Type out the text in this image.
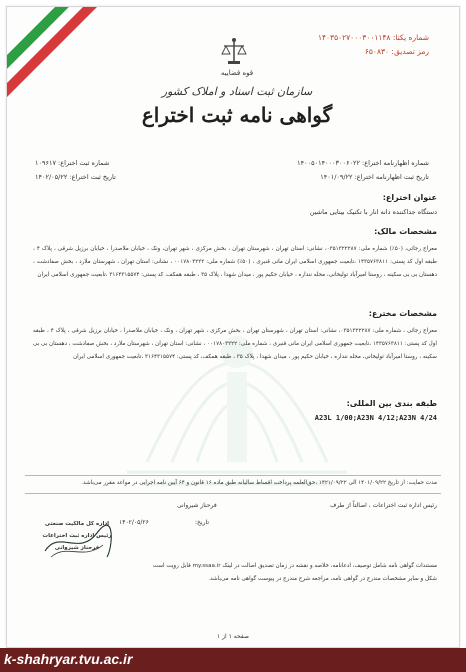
شماره یکتا: ۱۴۰۳۵۰۲۷۰۰۰۳۰۰۱۱۴۸
رمز تصدیق: ۶۵۰۸۳۰
قوه قضاییه
سازمان ثبت اسناد و املاک کشور
گواهی نامه ثبت اختراع
شماره اظهارنامه اختراع: ۱۴۰۰۵۰۱۴۰۰۰۳۰۰۶۰۲۲
شماره ثبت اختراع: ۱۰۹۶۱۷
تاریخ ثبت اظهارنامه اختراع: ۱۴۰۱/۰۹/۲۲
تاریخ ثبت اختراع: ۱۴۰۲/۰۵/۲۲
عنوان اختراع:
دستگاه جداکننده دانه انار با تکنیک بینایی ماشین
مشخصات مالک:
معراج رجائی، (۵۰٪) شماره ملی: ۰۳۵۱۳۲۲۲۸۷، نشانی: استان تهران ، شهرستان تهران ، بخش مرکزی ، شهر تهران، ونک ، خیابان ملاصدرا ، خیابان برزیل شرقی ، پلاک ۴ ، طبقه اول کد پستی: ۱۴۳۵۷۶۳۸۱۱ ،تابعیت جمهوری اسلامی ایران مانی قنبری ، (۵۰٪) شماره ملی: ۰۰۱۷۸۰۳۲۲۲ ، نشانی: استان تهران ، شهرستان ملارد ، بخش صفادشت ، دهستان بی بی سکینه ، روستا امیرآباد تولیخانی، محله ننداره ، خیابان حکیم پور ، میدان شهدا ، پلاک ۳۵ ، طبقه همکف، کد پستی: ۳۱۶۴۳۱۵۵۷۴ ،تابعیت جمهوری اسلامی ایران
مشخصات مخترع:
معراج رجائی ، شماره ملی: ۰۳۵۱۳۲۲۲۸۷، نشانی: استان تهران ، شهرستان تهران ، بخش مرکزی ، شهر تهران ، ونک ، خیابان ملاصدرا ، خیابان برزیل شرقی ، پلاک ۴ ، طبقه اول کد پستی: ۱۴۳۵۷۶۳۸۱۱ ،تابعیت جمهوری اسلامی ایران مانی قنبری ، شماره ملی: ۰۰۱۷۸۰۳۲۲۲ ، نشانی: استان تهران ، شهرستان ملارد ، بخش صفادشت ، دهستان بی بی سکینه ، روستا امیرآباد تولیخانی، محله ننداره ، خیابان حکیم پور ، میدان شهدا ، پلاک ۳۵ ، طبقه همکف، کد پستی: ۳۱۶۴۳۱۵۵۷۴ ،تابعیت جمهوری اسلامی ایران
طبقه بندی بین المللی:
A23L 1/00;A23N 4/12;A23N 4/24
مدت حمایت: از تاریخ ۱۴۰۱/۰۹/۲۲ الی ۱۴۲۱/۰۹/۲۲ ،حق‌العلمه پرداخت اقساط سالیانه طبق ماده ۱۶ قانون و ۶۴ آیین نامه اجرایی در مواعد مقرر می‌باشد.
رئیس اداره ثبت اختراعات ، اصالتاً از طرف
فرحناز شیروانی
تاریخ:
۱۴۰۲/۰۵/۲۶
اداره کل مالکیت صنعتی
رئیس اداره ثبت اختراعات
فرحناز شیروانی
مستندات گواهی نامه شامل توصیف، ادعانامه، خلاصه و نقشه در زمان تصدیق اصالت در لینک my.ssaa.ir قابل رویت است
شکل و سایر مشخصات مندرج در گواهی نامه، مراجعه شرح مندرج در پیوست گواهی نامه می‌باشد.
صفحه ۱ از ۱
k-shahryar.tvu.ac.ir
